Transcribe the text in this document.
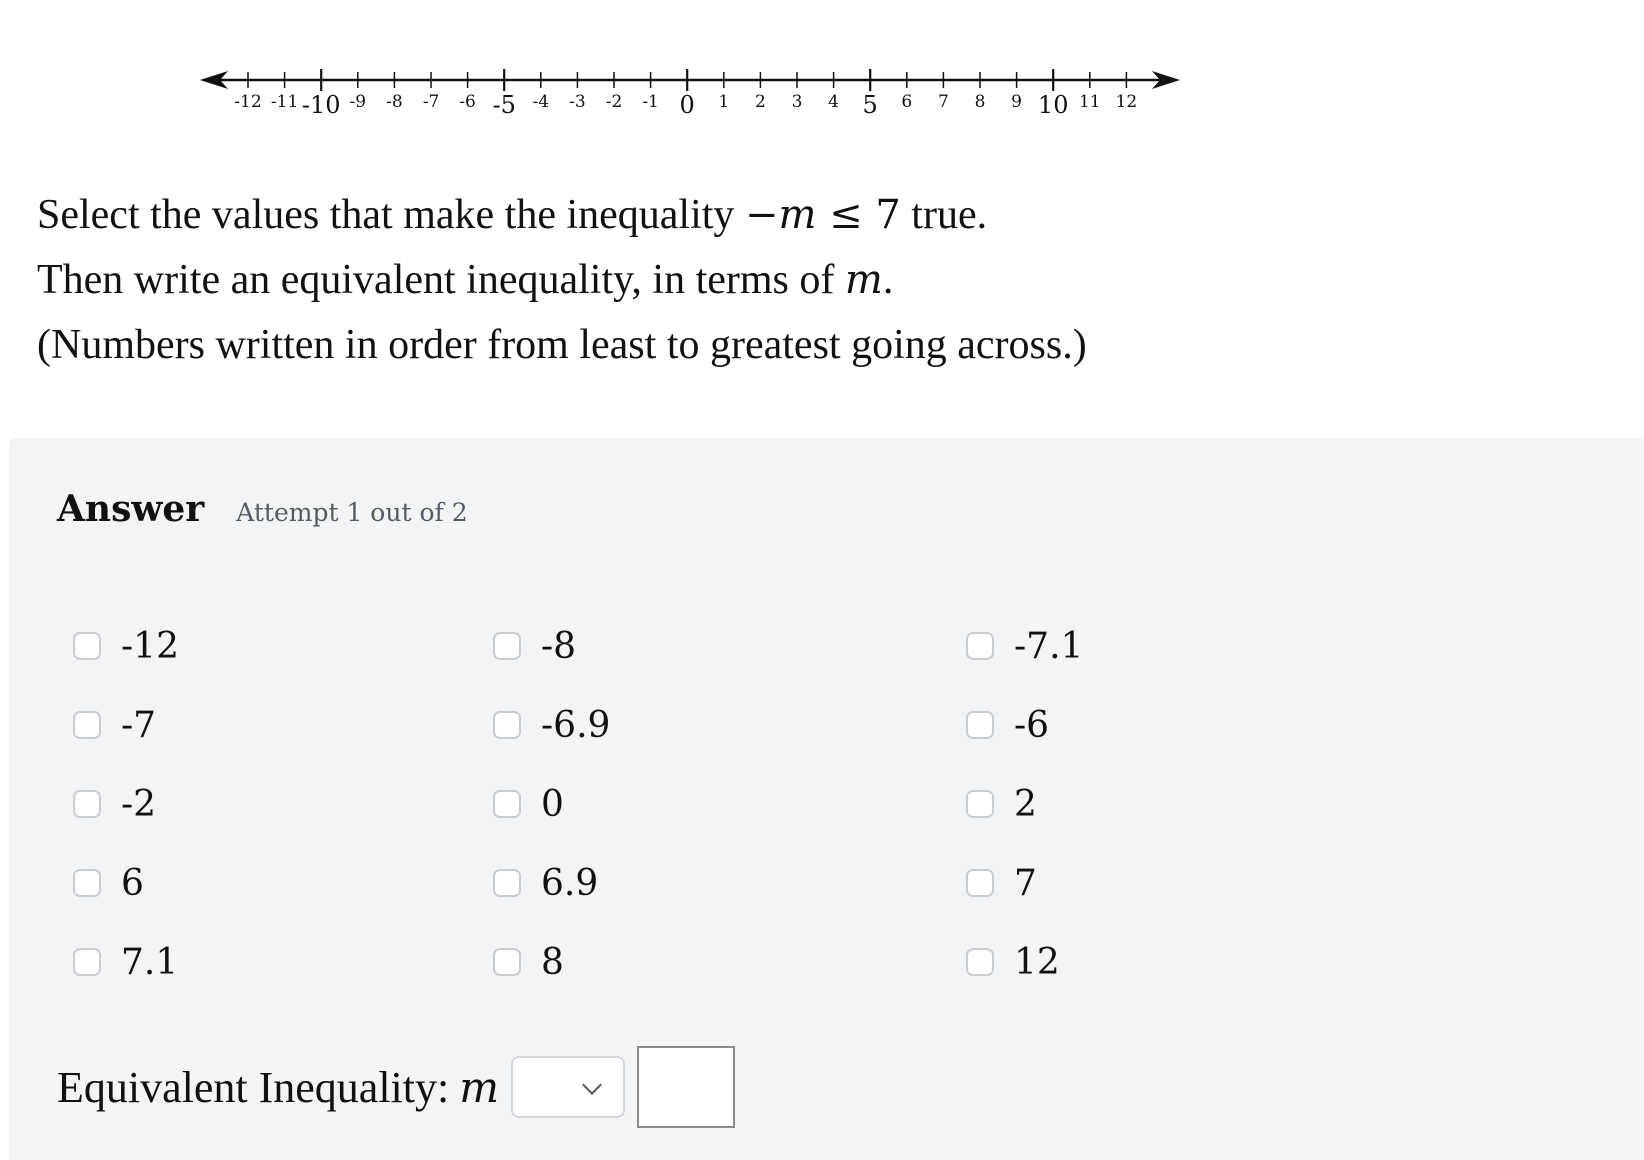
-12 -11 -10 -9 -8 -7 -6 -5 -4 -3 -2 -1 0 1 2 3 4 5 6 7 8 9 10 11 12
Select the values that make the inequality −m ≤ 7 true.
Then write an equivalent inequality, in terms of m.
(Numbers written in order from least to greatest going across.)
Answer Attempt 1 out of 2
-12	-8	-7.1
-7	-6.9	-6
-2	0	2
6	6.9	7
7.1	8	12
Equivalent Inequality: m
